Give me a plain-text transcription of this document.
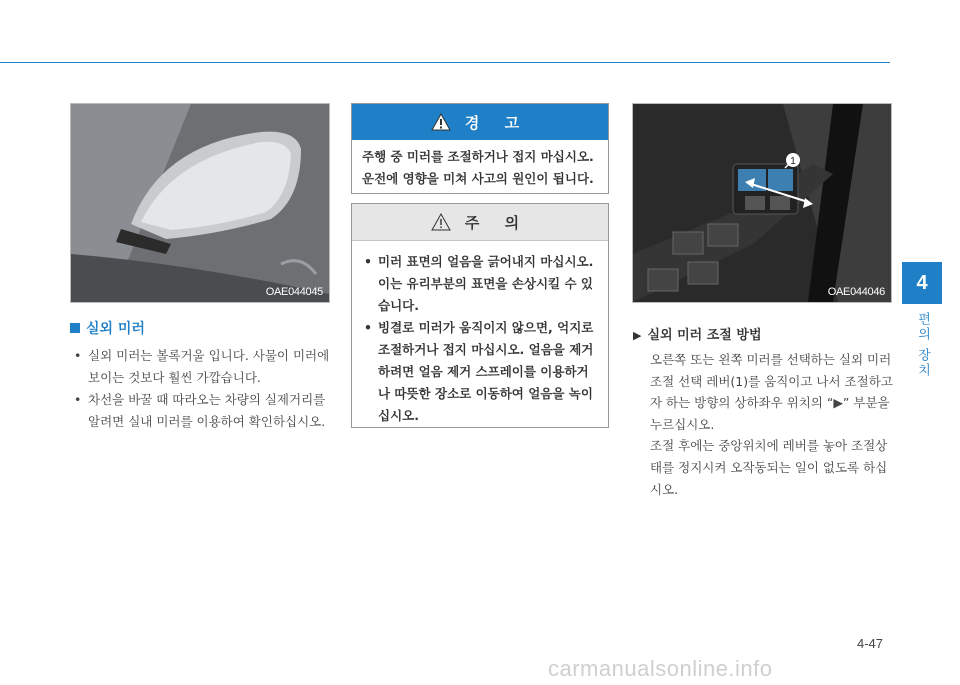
OAE044045
실외 미러
• 실외 미러는 볼록거울 입니다. 사물이 미러에 보이는 것보다 훨씬 가깝습니다.
• 차선을 바꿀 때 따라오는 차량의 실제거리를 알려면 실내 미러를 이용하여 확인하십시오.
경 고
주행 중 미러를 조절하거나 접지 마십시오. 운전에 영향을 미쳐 사고의 원인이 됩니다.
주 의
• 미러 표면의 얼음을 긁어내지 마십시오. 이는 유리부분의 표면을 손상시킬 수 있습니다.
• 빙결로 미러가 움직이지 않으면, 억지로 조절하거나 접지 마십시오. 얼음을 제거하려면 얼음 제거 스프레이를 이용하거나 따뜻한 장소로 이동하여 얼음을 녹이십시오.
1
OAE044046
▶ 실외 미러 조절 방법

오른쪽 또는 왼쪽 미러를 선택하는 실외 미러 조절 선택 레버(1)를 움직이고 나서 조절하고자 하는 방향의 상하좌우 위치의 “▶” 부분을 누르십시오.

조절 후에는 중앙위치에 레버를 놓아 조절상태를 정지시켜 오작동되는 일이 없도록 하십시오.

4
편의 장치
4-47
carmanualsonline.info
